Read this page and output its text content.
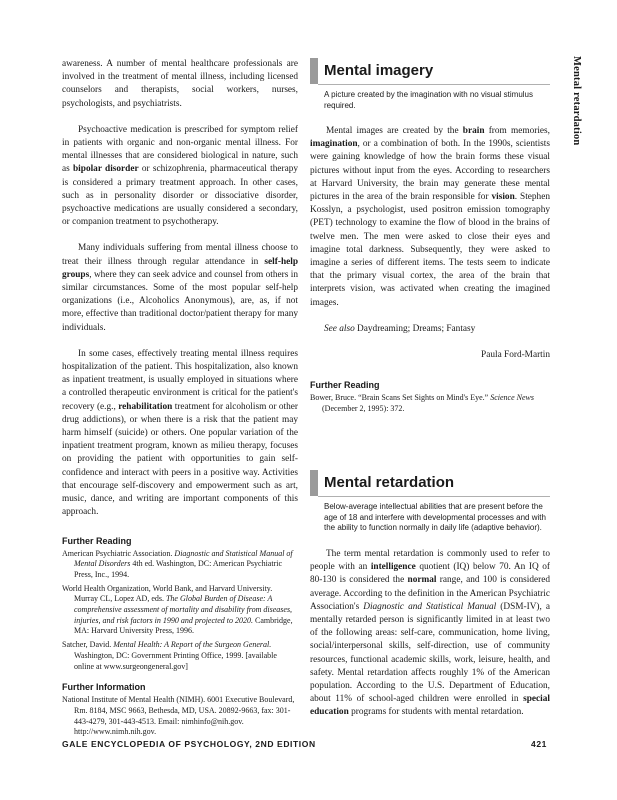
Mental retardation

awareness. A number of mental healthcare professionals are involved in the treatment of mental illness, including licensed counselors and therapists, social workers, nurses, psychologists, and psychiatrists.

Psychoactive medication is prescribed for symptom relief in patients with organic and non-organic mental illness. For mental illnesses that are considered biological in nature, such as bipolar disorder or schizophrenia, pharmaceutical therapy is considered a primary treatment approach. In other cases, such as in personality disorder or dissociative disorder, psychoactive medications are usually considered a secondary, or companion treatment to psychotherapy.

Many individuals suffering from mental illness choose to treat their illness through regular attendance in self-help groups, where they can seek advice and counsel from others in similar circumstances. Some of the most popular self-help organizations (i.e., Alcoholics Anonymous), are, as, if not more, effective than traditional doctor/patient therapy for many individuals.

In some cases, effectively treating mental illness requires hospitalization of the patient. This hospitalization, also known as inpatient treatment, is usually employed in situations where a controlled therapeutic environment is critical for the patient's recovery (e.g., rehabilitation treatment for alcoholism or other drug addictions), or when there is a risk that the patient may harm himself (suicide) or others. One popular variation of the inpatient treatment program, known as milieu therapy, focuses on providing the patient with opportunities to gain self-confidence and interact with peers in a positive way. Activities that encourage self-discovery and empowerment such as art, music, dance, and writing are important components of this approach.

Further Reading
American Psychiatric Association. Diagnostic and Statistical Manual of Mental Disorders 4th ed. Washington, DC: American Psychiatric Press, Inc., 1994.
World Health Organization, World Bank, and Harvard University. Murray CL, Lopez AD, eds. The Global Burden of Disease: A comprehensive assessment of mortality and disability from diseases, injuries, and risk factors in 1990 and projected to 2020. Cambridge, MA: Harvard University Press, 1996.
Satcher, David. Mental Health: A Report of the Surgeon General. Washington, DC: Government Printing Office, 1999. [available online at www.surgeongeneral.gov]
Further Information
National Institute of Mental Health (NIMH). 6001 Executive Boulevard, Rm. 8184, MSC 9663, Bethesda, MD, USA. 20892-9663, fax: 301-443-4279, 301-443-4513. Email: nimhinfo@nih.gov. http://www.nimh.nih.gov.
Mental imagery
A picture created by the imagination with no visual stimulus required.

Mental images are created by the brain from memories, imagination, or a combination of both. In the 1990s, scientists were gaining knowledge of how the brain forms these visual pictures without input from the eyes. According to researchers at Harvard University, the brain may generate these mental pictures in the area of the brain responsible for vision. Stephen Kosslyn, a psychologist, used positron emission tomography (PET) technology to examine the flow of blood in the brains of twelve men. The men were asked to close their eyes and imagine total darkness. Subsequently, they were asked to imagine a series of different items. The tests seem to indicate that the primary visual cortex, the area of the brain that interprets vision, was activated when creating the imagined images.

See also Daydreaming; Dreams; Fantasy
Paula Ford-Martin
Further Reading
Bower, Bruce. “Brain Scans Set Sights on Mind's Eye.” Science News (December 2, 1995): 372.
Mental retardation
Below-average intellectual abilities that are present before the age of 18 and interfere with developmental processes and with the ability to function normally in daily life (adaptive behavior).

The term mental retardation is commonly used to refer to people with an intelligence quotient (IQ) below 70. An IQ of 80-130 is considered the normal range, and 100 is considered average. According to the definition in the American Psychiatric Association's Diagnostic and Statistical Manual (DSM-IV), a mentally retarded person is significantly limited in at least two of the following areas: self-care, communication, home living, social/interpersonal skills, self-direction, use of community resources, functional academic skills, work, leisure, health, and safety. Mental retardation affects roughly 1% of the American population. According to the U.S. Department of Education, about 11% of school-aged children were enrolled in special education programs for students with mental retardation.

GALE ENCYCLOPEDIA OF PSYCHOLOGY, 2ND EDITION	421
